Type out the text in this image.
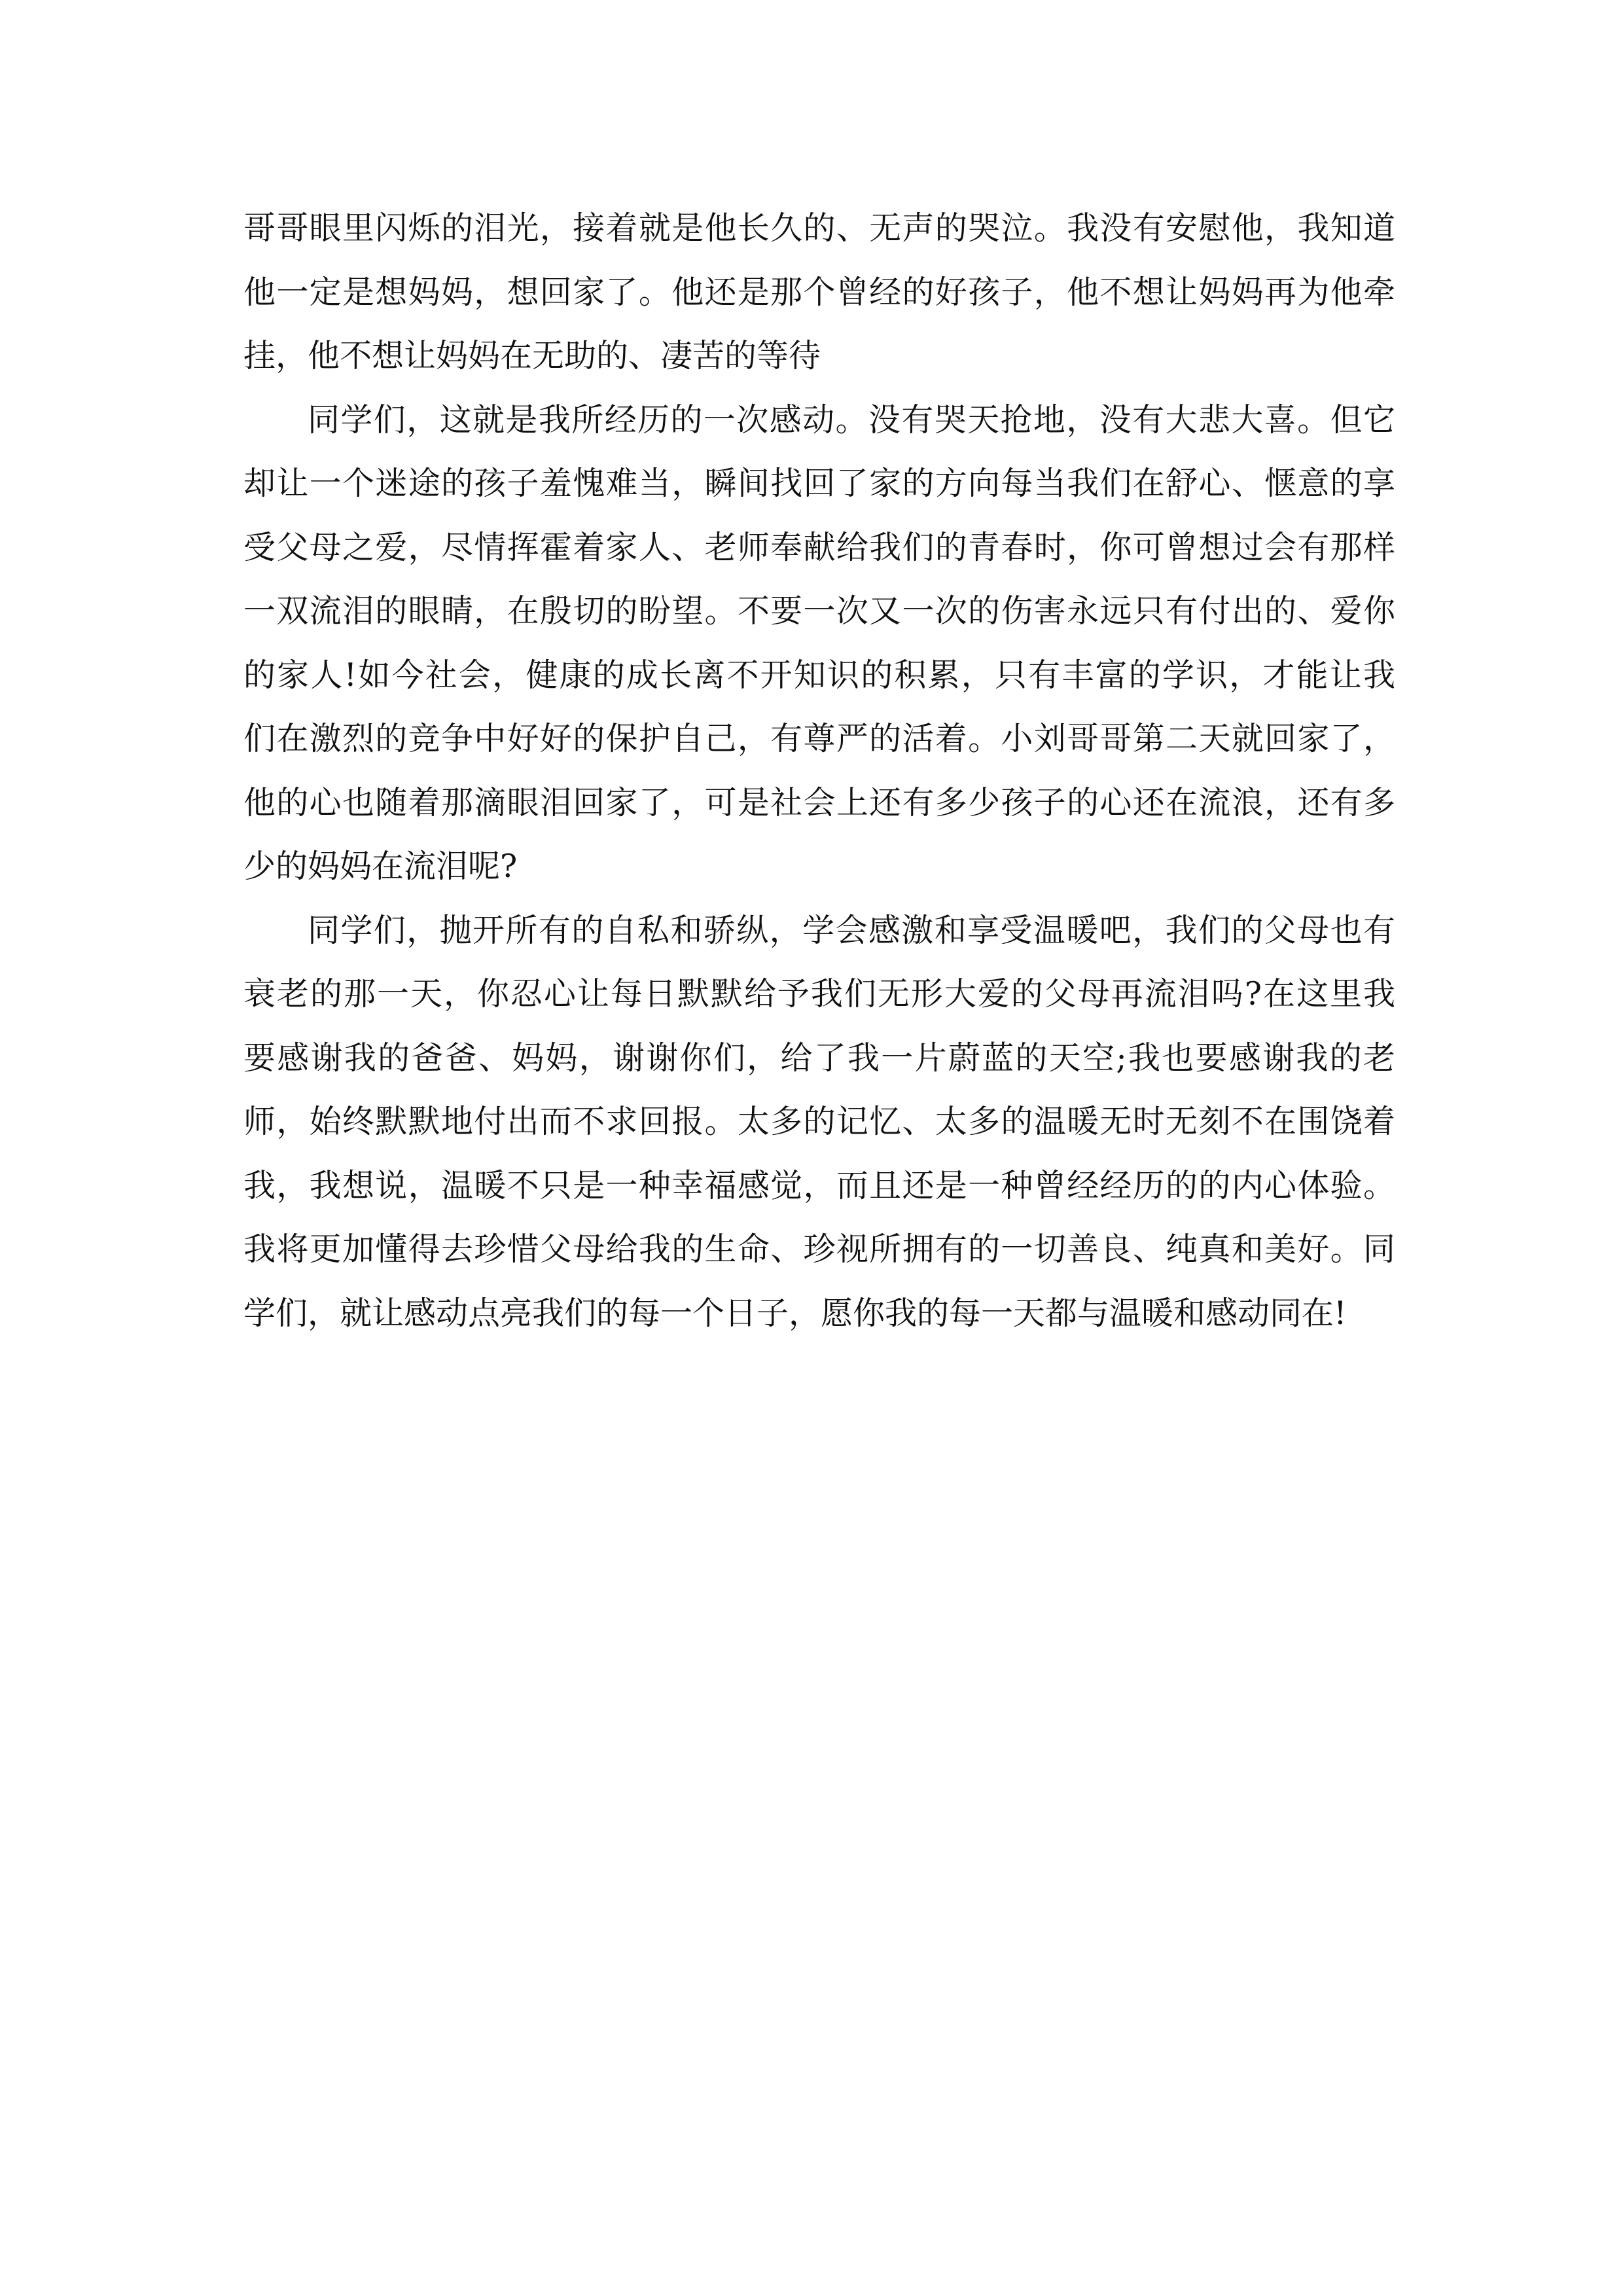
哥哥眼里闪烁的泪光，接着就是他长久的、无声的哭泣。我没有安慰他，我知道
他一定是想妈妈，想回家了。他还是那个曾经的好孩子，他不想让妈妈再为他牵
挂，他不想让妈妈在无助的、凄苦的等待
同学们，这就是我所经历的一次感动。没有哭天抢地，没有大悲大喜。但它
却让一个迷途的孩子羞愧难当，瞬间找回了家的方向每当我们在舒心、惬意的享
受父母之爱，尽情挥霍着家人、老师奉献给我们的青春时，你可曾想过会有那样
一双流泪的眼睛，在殷切的盼望。不要一次又一次的伤害永远只有付出的、爱你
的家人!如今社会，健康的成长离不开知识的积累，只有丰富的学识，才能让我
们在激烈的竞争中好好的保护自己，有尊严的活着。小刘哥哥第二天就回家了，
他的心也随着那滴眼泪回家了，可是社会上还有多少孩子的心还在流浪，还有多
少的妈妈在流泪呢?
同学们，抛开所有的自私和骄纵，学会感激和享受温暖吧，我们的父母也有
衰老的那一天，你忍心让每日默默给予我们无形大爱的父母再流泪吗?在这里我
要感谢我的爸爸、妈妈，谢谢你们，给了我一片蔚蓝的天空;我也要感谢我的老
师，始终默默地付出而不求回报。太多的记忆、太多的温暖无时无刻不在围饶着
我，我想说，温暖不只是一种幸福感觉，而且还是一种曾经经历的的内心体验。
我将更加懂得去珍惜父母给我的生命、珍视所拥有的一切善良、纯真和美好。同
学们，就让感动点亮我们的每一个日子，愿你我的每一天都与温暖和感动同在!
